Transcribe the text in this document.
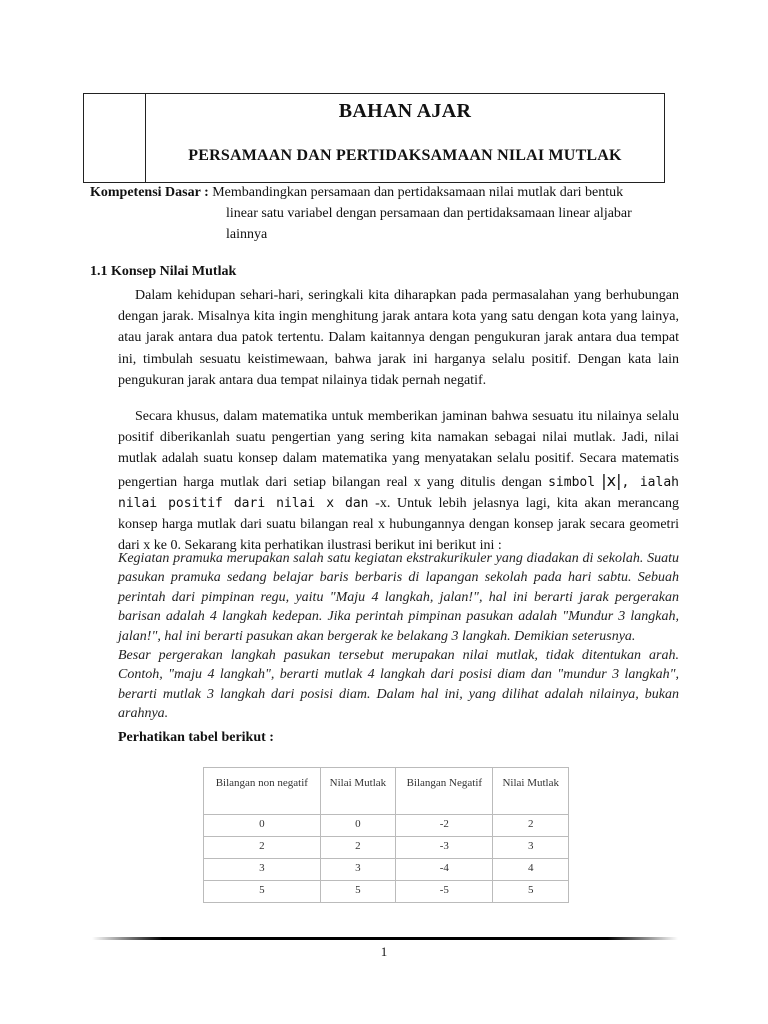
BAHAN AJAR
PERSAMAAN DAN PERTIDAKSAMAAN NILAI MUTLAK
Kompetensi Dasar : Membandingkan persamaan dan pertidaksamaan nilai mutlak dari bentuk
linear satu variabel dengan persamaan dan pertidaksamaan linear aljabar
lainnya
1.1 Konsep Nilai Mutlak
Dalam kehidupan sehari-hari, seringkali kita diharapkan pada permasalahan yang berhubungan dengan jarak. Misalnya kita ingin menghitung jarak antara kota yang satu dengan kota yang lainya, atau jarak antara dua patok tertentu. Dalam kaitannya dengan pengukuran jarak antara dua tempat ini, timbulah sesuatu keistimewaan, bahwa jarak ini harganya selalu positif. Dengan kata lain pengukuran jarak antara dua tempat nilainya tidak pernah negatif.
Secara khusus, dalam matematika untuk memberikan jaminan bahwa sesuatu itu nilainya selalu positif diberikanlah suatu pengertian yang sering kita namakan sebagai nilai mutlak. Jadi, nilai mutlak adalah suatu konsep dalam matematika yang menyatakan selalu positif. Secara matematis pengertian harga mutlak dari setiap bilangan real x yang ditulis dengan simbol |x|, ialah nilai positif dari nilai x dan -x. Untuk lebih jelasnya lagi, kita akan merancang konsep harga mutlak dari suatu bilangan real x hubungannya dengan konsep jarak secara geometri dari x ke 0. Sekarang kita perhatikan ilustrasi berikut ini berikut ini :
Kegiatan pramuka merupakan salah satu kegiatan ekstrakurikuler yang diadakan di sekolah. Suatu pasukan pramuka sedang belajar baris berbaris di lapangan sekolah pada hari sabtu. Sebuah perintah dari pimpinan regu, yaitu "Maju 4 langkah, jalan!", hal ini berarti jarak pergerakan barisan adalah 4 langkah kedepan. Jika perintah pimpinan pasukan adalah "Mundur 3 langkah, jalan!", hal ini berarti pasukan akan bergerak ke belakang 3 langkah. Demikian seterusnya.
Besar pergerakan langkah pasukan tersebut merupakan nilai mutlak, tidak ditentukan arah. Contoh, "maju 4 langkah", berarti mutlak 4 langkah dari posisi diam dan "mundur 3 langkah", berarti mutlak 3 langkah dari posisi diam. Dalam hal ini, yang dilihat adalah nilainya, bukan arahnya.
Perhatikan tabel berikut :
Bilangan non negatif	Nilai Mutlak	Bilangan Negatif	Nilai Mutlak
0	0	-2	2
2	2	-3	3
3	3	-4	4
5	5	-5	5
1
